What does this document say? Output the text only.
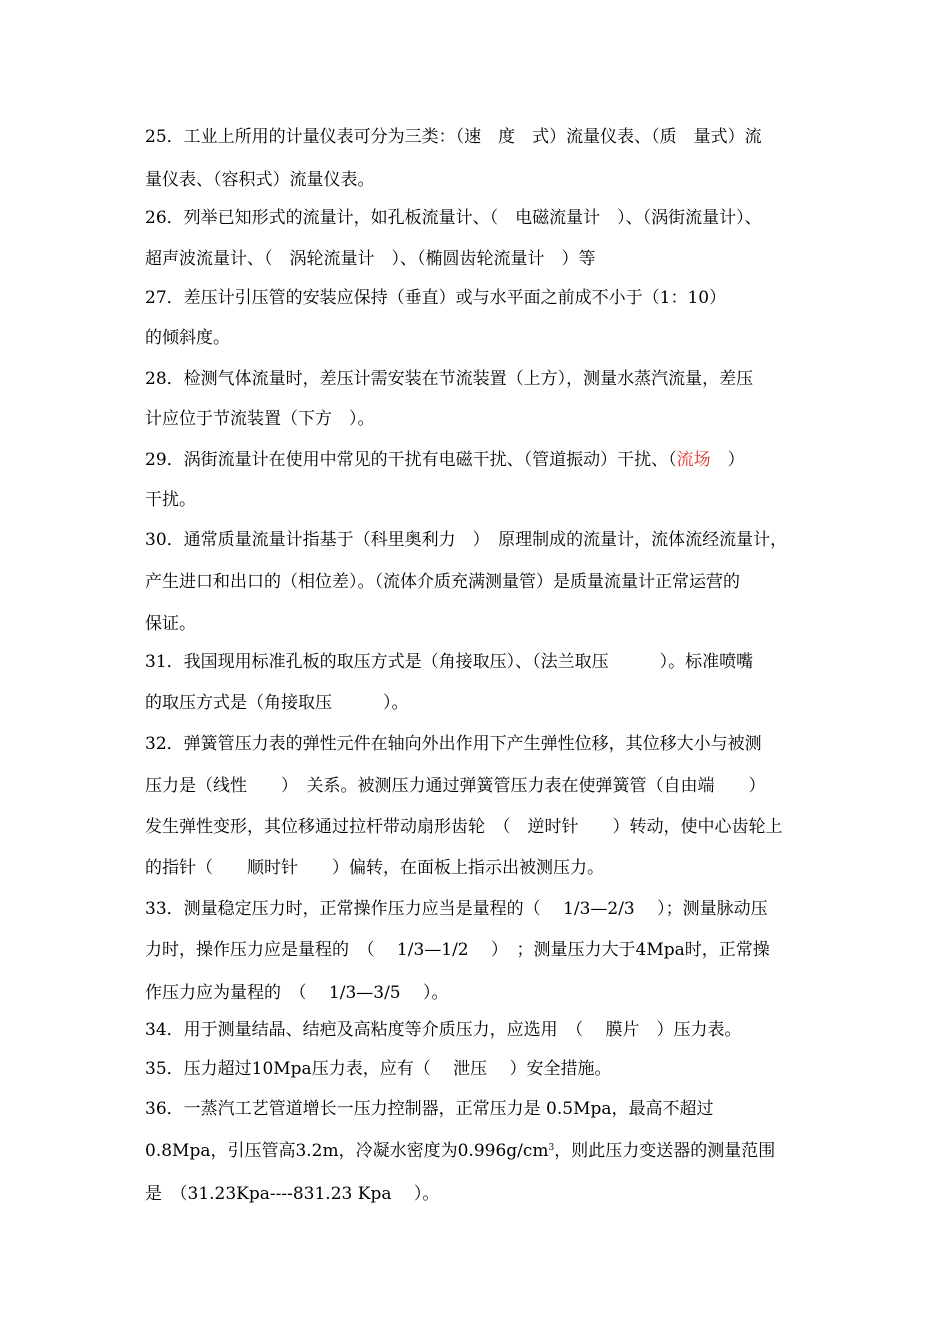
25．工业上所用的计量仪表可分为三类：（速　度　式）流量仪表、（质　量式）流
量仪表、（容积式）流量仪表。
26．列举已知形式的流量计，如孔板流量计、（　电磁流量计　）、（涡街流量计）、
超声波流量计、（　涡轮流量计　）、（椭圆齿轮流量计　）等
27．差压计引压管的安装应保持（垂直）或与水平面之前成不小于（1：10）
的倾斜度。
28．检测气体流量时，差压计需安装在节流装置（上方），测量水蒸汽流量，差压
计应位于节流装置（下方　）。
29．涡街流量计在使用中常见的干扰有电磁干扰、（管道振动）干扰、（流场　）
干扰。
30．通常质量流量计指基于（科里奥利力　）　原理制成的流量计，流体流经流量计，
产生进口和出口的（相位差）。（流体介质充满测量管）是质量流量计正常运营的
保证。
31．我国现用标准孔板的取压方式是（角接取压）、（法兰取压　　　）。标准喷嘴
的取压方式是（角接取压　　　）。
32．弹簧管压力表的弹性元件在轴向外出作用下产生弹性位移，其位移大小与被测
压力是（线性　　）　关系。被测压力通过弹簧管压力表在使弹簧管（自由端　　）
发生弹性变形，其位移通过拉杆带动扇形齿轮　（　逆时针　　）转动，使中心齿轮上
的指针（　　顺时针　　）偏转，在面板上指示出被测压力。
33．测量稳定压力时，正常操作压力应当是量程的（　 1/3—2/3　 ）；测量脉动压
力时，操作压力应是量程的　（　 1/3—1/2　 ）　；测量压力大于4Mpa时，正常操
作压力应为量程的　（　 1/3—3/5　 ）。
34．用于测量结晶、结疤及高粘度等介质压力，应选用　（　 膜片　）压力表。
35．压力超过10Mpa压力表，应有（　 泄压　 ）安全措施。
36．一蒸汽工艺管道增长一压力控制器，正常压力是 0.5Mpa，最高不超过
0.8Mpa，引压管高3.2m，冷凝水密度为$0.996g/cm^3$，则此压力变送器的测量范围
是　（31.23Kpa----831.23 Kpa　 ）。
